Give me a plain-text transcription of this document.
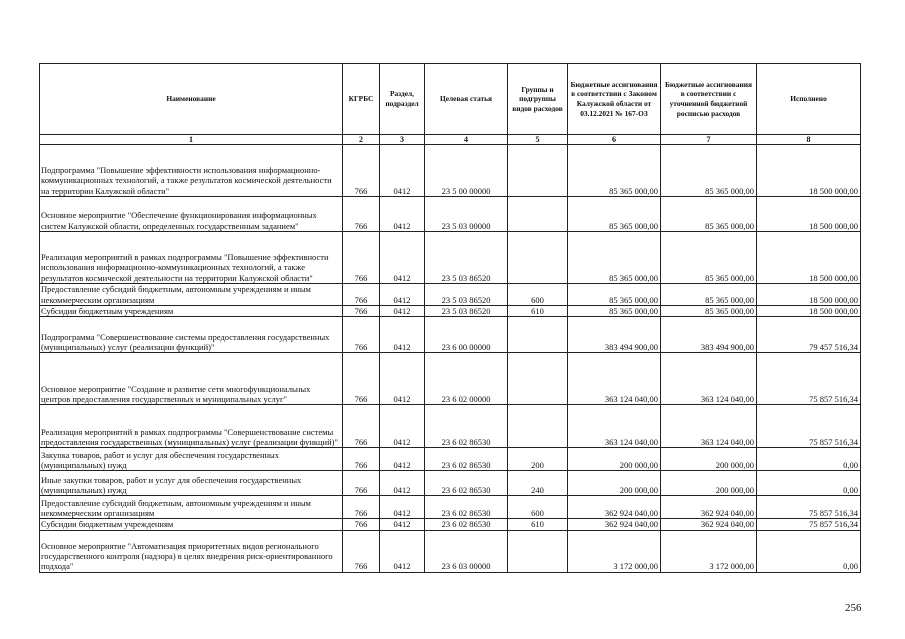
Наименование	КГРБС	Раздел, подраздел	Целевая статья	Группы и подгруппы видов расходов	Бюджетные ассигнования в соответствии с Законом Калужской области от 03.12.2021 № 167-ОЗ	Бюджетные ассигнования в соответствии с уточненной бюджетной росписью расходов	Исполнено
1	2	3	4	5	6	7	8
Подпрограмма "Повышение эффективности использования информационно-коммуникационных технологий, а также результатов космической деятельности на территории Калужской области"	766	0412	23 5 00 00000		85 365 000,00	85 365 000,00	18 500 000,00
Основное мероприятие "Обеспечение функционирования информационных систем Калужской области, определенных государственным заданием"	766	0412	23 5 03 00000		85 365 000,00	85 365 000,00	18 500 000,00
Реализация мероприятий в рамках подпрограммы "Повышение эффективности использования информационно-коммуникационных технологий, а также результатов космической деятельности на территории Калужской области"	766	0412	23 5 03 86520		85 365 000,00	85 365 000,00	18 500 000,00
Предоставление субсидий бюджетным, автономным учреждениям и иным некоммерческим организациям	766	0412	23 5 03 86520	600	85 365 000,00	85 365 000,00	18 500 000,00
Субсидии бюджетным учреждениям	766	0412	23 5 03 86520	610	85 365 000,00	85 365 000,00	18 500 000,00
Подпрограмма "Совершенствование системы предоставления государственных (муниципальных) услуг (реализации функций)"	766	0412	23 6 00 00000		383 494 900,00	383 494 900,00	79 457 516,34
Основное мероприятие "Создание и развитие сети многофункциональных центров предоставления государственных и муниципальных услуг"	766	0412	23 6 02 00000		363 124 040,00	363 124 040,00	75 857 516,34
Реализация мероприятий в рамках подпрограммы "Совершенствование системы предоставления государственных (муниципальных) услуг (реализации функций)"	766	0412	23 6 02 86530		363 124 040,00	363 124 040,00	75 857 516,34
Закупка товаров, работ и услуг для обеспечения государственных (муниципальных) нужд	766	0412	23 6 02 86530	200	200 000,00	200 000,00	0,00
Иные закупки товаров, работ и услуг для обеспечения государственных (муниципальных) нужд	766	0412	23 6 02 86530	240	200 000,00	200 000,00	0,00
Предоставление субсидий бюджетным, автономным учреждениям и иным некоммерческим организациям	766	0412	23 6 02 86530	600	362 924 040,00	362 924 040,00	75 857 516,34
Субсидии бюджетным учреждениям	766	0412	23 6 02 86530	610	362 924 040,00	362 924 040,00	75 857 516,34
Основное мероприятие "Автоматизация приоритетных видов регионального государственного контроля (надзора) в целях внедрения риск-ориентированного подхода"	766	0412	23 6 03 00000		3 172 000,00	3 172 000,00	0,00
256
